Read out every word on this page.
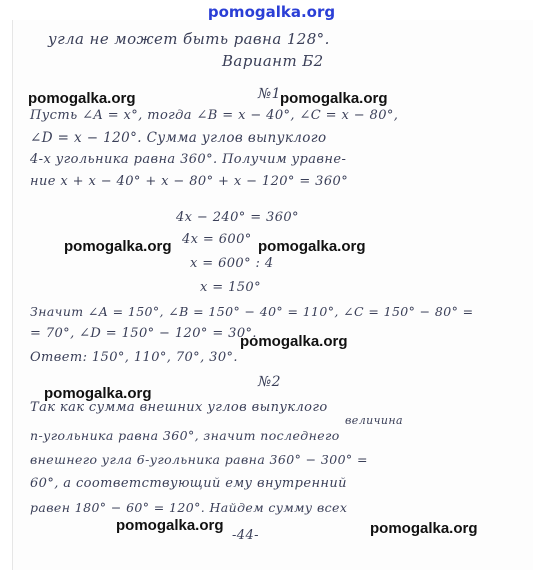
pomogalka.org
угла не может быть равна 128°.
Вариант Б2
№1
Пусть ∠A = x°, тогда ∠B = x − 40°, ∠C = x − 80°,
∠D = x − 120°. Сумма углов выпуклого
4-х угольника равна 360°. Получим уравне-
ние x + x − 40° + x − 80° + x − 120° = 360°
4x − 240° = 360°
4x = 600°
x = 600° : 4
x = 150°
Значит ∠A = 150°, ∠B = 150° − 40° = 110°, ∠C = 150° − 80° =
= 70°, ∠D = 150° − 120° = 30°.
Ответ: 150°, 110°, 70°, 30°.
№2
Так как сумма внешних углов выпуклого
величина
n-угольника равна 360°, значит последнего
внешнего угла 6-угольника равна 360° − 300° =
60°, а соответствующий ему внутренний
равен 180° − 60° = 120°. Найдем сумму всех
-44-
pomogalka.org	pomogalka.org
pomogalka.org	pomogalka.org
pomogalka.org
pomogalka.org
pomogalka.org	pomogalka.org
